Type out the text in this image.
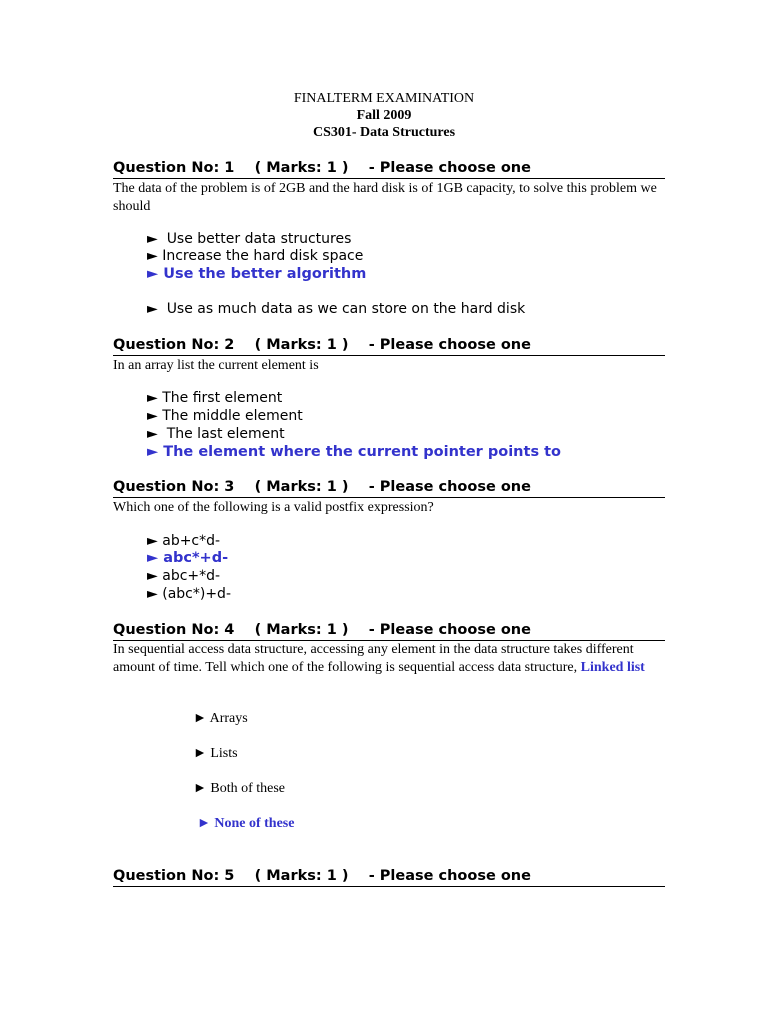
FINALTERM EXAMINATION
Fall 2009
CS301- Data Structures
Question No: 1    ( Marks: 1 )    - Please choose one
The data of the problem is of 2GB and the hard disk is of 1GB capacity, to solve this problem we should
► Use better data structures
► Increase the hard disk space
► Use the better algorithm
► Use as much data as we can store on the hard disk
Question No: 2    ( Marks: 1 )    - Please choose one
In an array list the current element is
► The first element
► The middle element
► The last element
► The element where the current pointer points to
Question No: 3    ( Marks: 1 )    - Please choose one
Which one of the following is a valid postfix expression?
► ab+c*d-
► abc*+d-
► abc+*d-
► (abc*)+d-
Question No: 4    ( Marks: 1 )    - Please choose one
In sequential access data structure, accessing any element in the data structure takes different amount of time. Tell which one of the following is sequential access data structure, Linked list
► Arrays
► Lists
► Both of these
► None of these
Question No: 5    ( Marks: 1 )    - Please choose one
